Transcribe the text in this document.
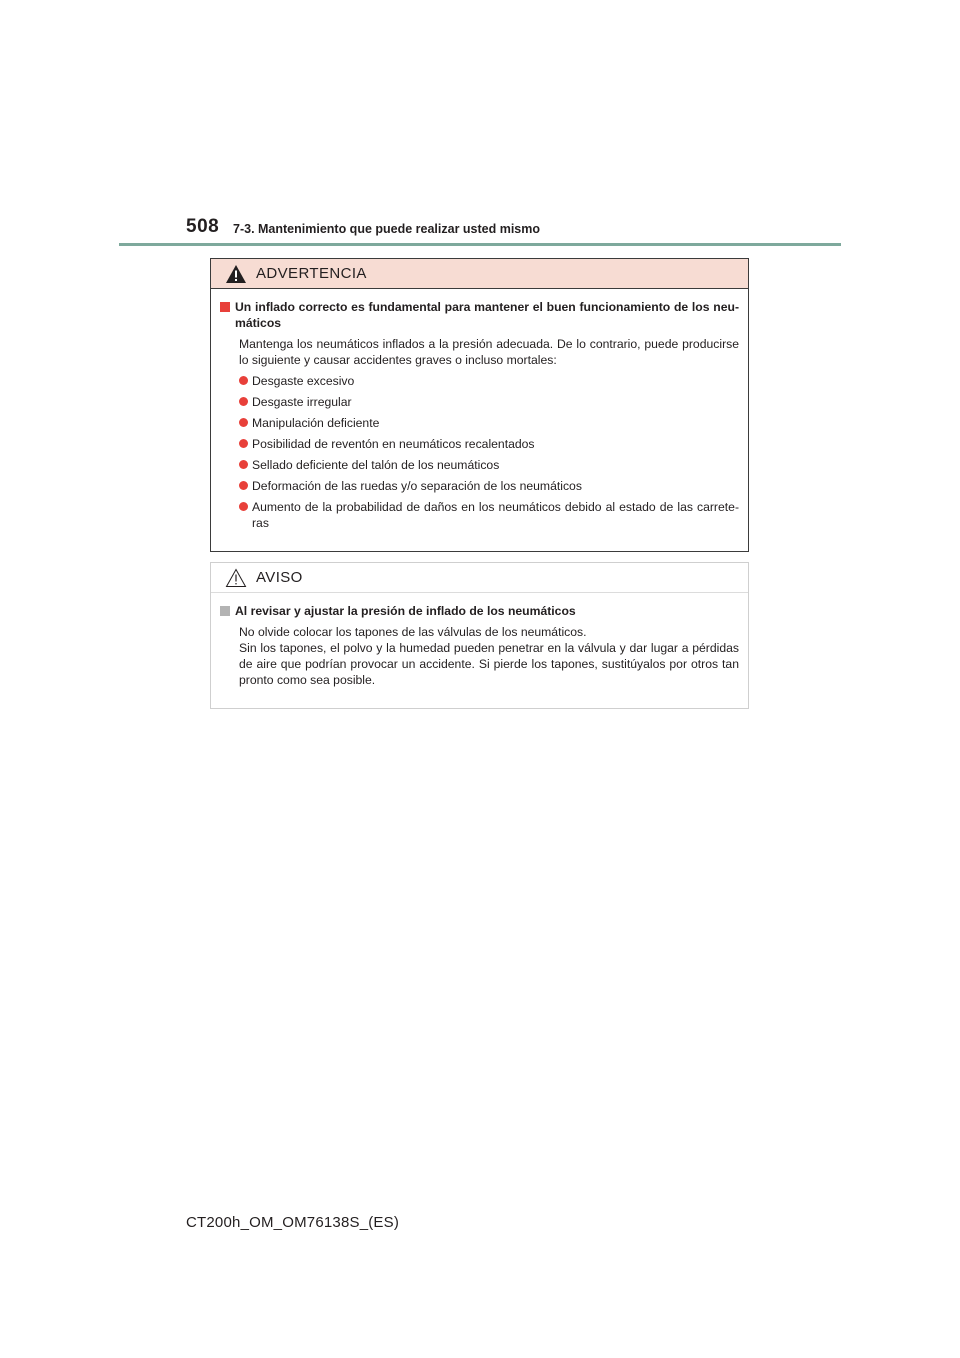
508 7-3. Mantenimiento que puede realizar usted mismo
ADVERTENCIA
Un inflado correcto es fundamental para mantener el buen funcionamiento de los neumáticos
Mantenga los neumáticos inflados a la presión adecuada. De lo contrario, puede producirse lo siguiente y causar accidentes graves o incluso mortales:
Desgaste excesivo
Desgaste irregular
Manipulación deficiente
Posibilidad de reventón en neumáticos recalentados
Sellado deficiente del talón de los neumáticos
Deformación de las ruedas y/o separación de los neumáticos
Aumento de la probabilidad de daños en los neumáticos debido al estado de las carreteras
AVISO
Al revisar y ajustar la presión de inflado de los neumáticos
No olvide colocar los tapones de las válvulas de los neumáticos.
Sin los tapones, el polvo y la humedad pueden penetrar en la válvula y dar lugar a pérdidas de aire que podrían provocar un accidente. Si pierde los tapones, sustitúyalos por otros tan pronto como sea posible.
CT200h_OM_OM76138S_(ES)
